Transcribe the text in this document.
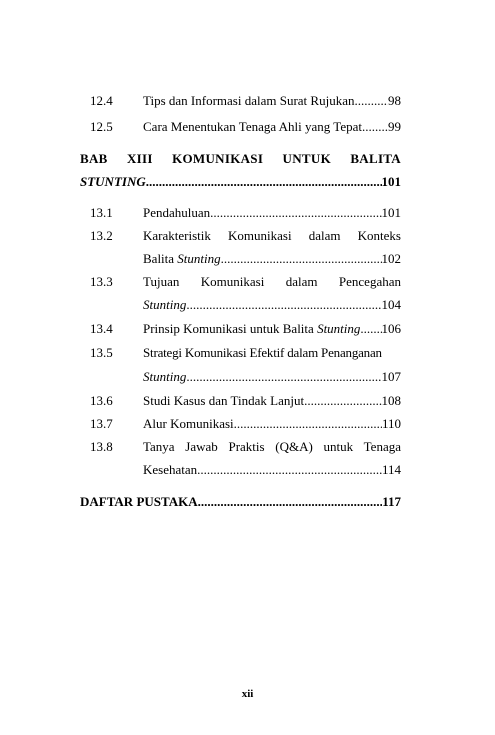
12.4	Tips dan Informasi dalam Surat Rujukan .....	98
12.5	Cara Menentukan Tenaga Ahli yang Tepat ..... 99
BAB XIII KOMUNIKASI UNTUK BALITA
STUNTING .....	101
13.1	Pendahuluan .....	101
13.2	Karakteristik Komunikasi dalam Konteks
Balita Stunting .....	102
13.3	Tujuan Komunikasi dalam Pencegahan
Stunting .....	104
13.4	Prinsip Komunikasi untuk Balita Stunting ..... 106
13.5	Strategi Komunikasi Efektif dalam Penanganan
Stunting .....	107
13.6	Studi Kasus dan Tindak Lanjut .....	108
13.7	Alur Komunikasi .....	110
13.8	Tanya Jawab Praktis (Q&A) untuk Tenaga
Kesehatan .....	114
DAFTAR PUSTAKA .....	117
xii
